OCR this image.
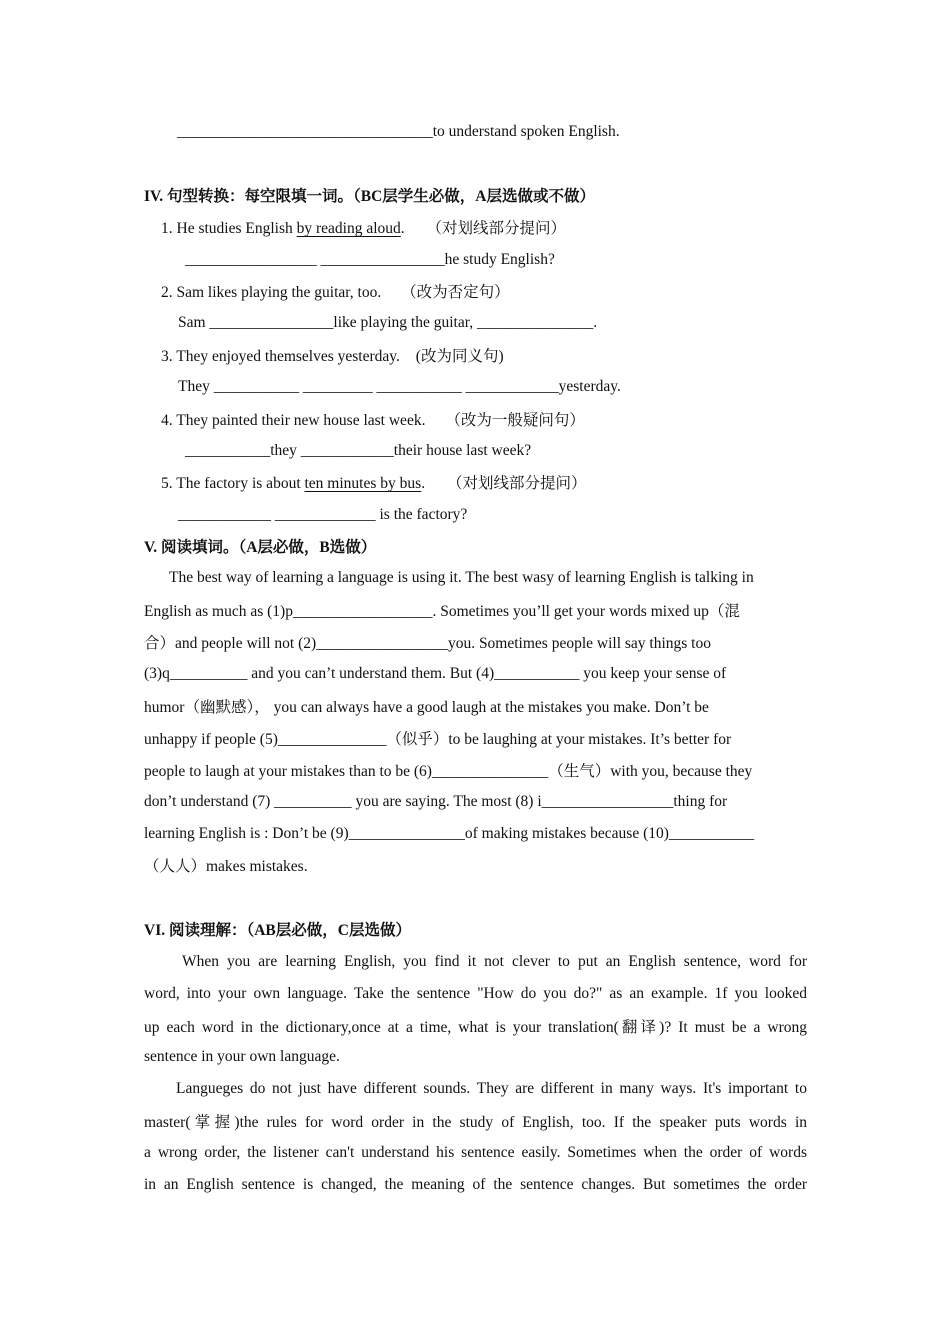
_________________________________to understand spoken English.
IV. 句型转换：每空限填一词。（BC层学生必做，A层选做或不做）
1. He studies English by reading aloud. （对划线部分提问）
_________________ ________________he study English?
2. Sam likes playing the guitar, too. （改为否定句）
Sam ________________like playing the guitar, _______________.
3. They enjoyed themselves yesterday. (改为同义句)
They ___________ _________ ___________ ____________yesterday.
4. They painted their new house last week. （改为一般疑问句）
___________they ____________their house last week?
5. The factory is about ten minutes by bus. （对划线部分提问）
____________ _____________ is the factory?
V. 阅读填词。（A层必做，B选做）
The best way of learning a language is using it. The best wasy of learning English is talking in
English as much as (1)p__________________. Sometimes you’ll get your words mixed up（混
合）and people will not (2)_________________you. Sometimes people will say things too
(3)q__________ and you can’t understand them. But (4)___________ you keep your sense of
humor（幽默感）， you can always have a good laugh at the mistakes you make. Don’t be
unhappy if people (5)______________（似乎）to be laughing at your mistakes. It’s better for
people to laugh at your mistakes than to be (6)_______________（生气）with you, because they
don’t understand (7) __________ you are saying. The most (8) i_________________thing for
learning English is : Don’t be (9)_______________of making mistakes because (10)___________
（人人）makes mistakes.
VI. 阅读理解：（AB层必做，C层选做）
When you are learning English, you find it not clever to put an English sentence, word for
word, into your own language. Take the sentence "How do you do?" as an example. 1f you looked
up each word in the dictionary,once at a time, what is your translation(翻译)? It must be a wrong
sentence in your own language.
Langueges do not just have different sounds. They are different in many ways. It's important to
master(掌握)the rules for word order in the study of English, too. If the speaker puts words in
a wrong order, the listener can't understand his sentence easily. Sometimes when the order of words
in an English sentence is changed, the meaning of the sentence changes. But sometimes the order
